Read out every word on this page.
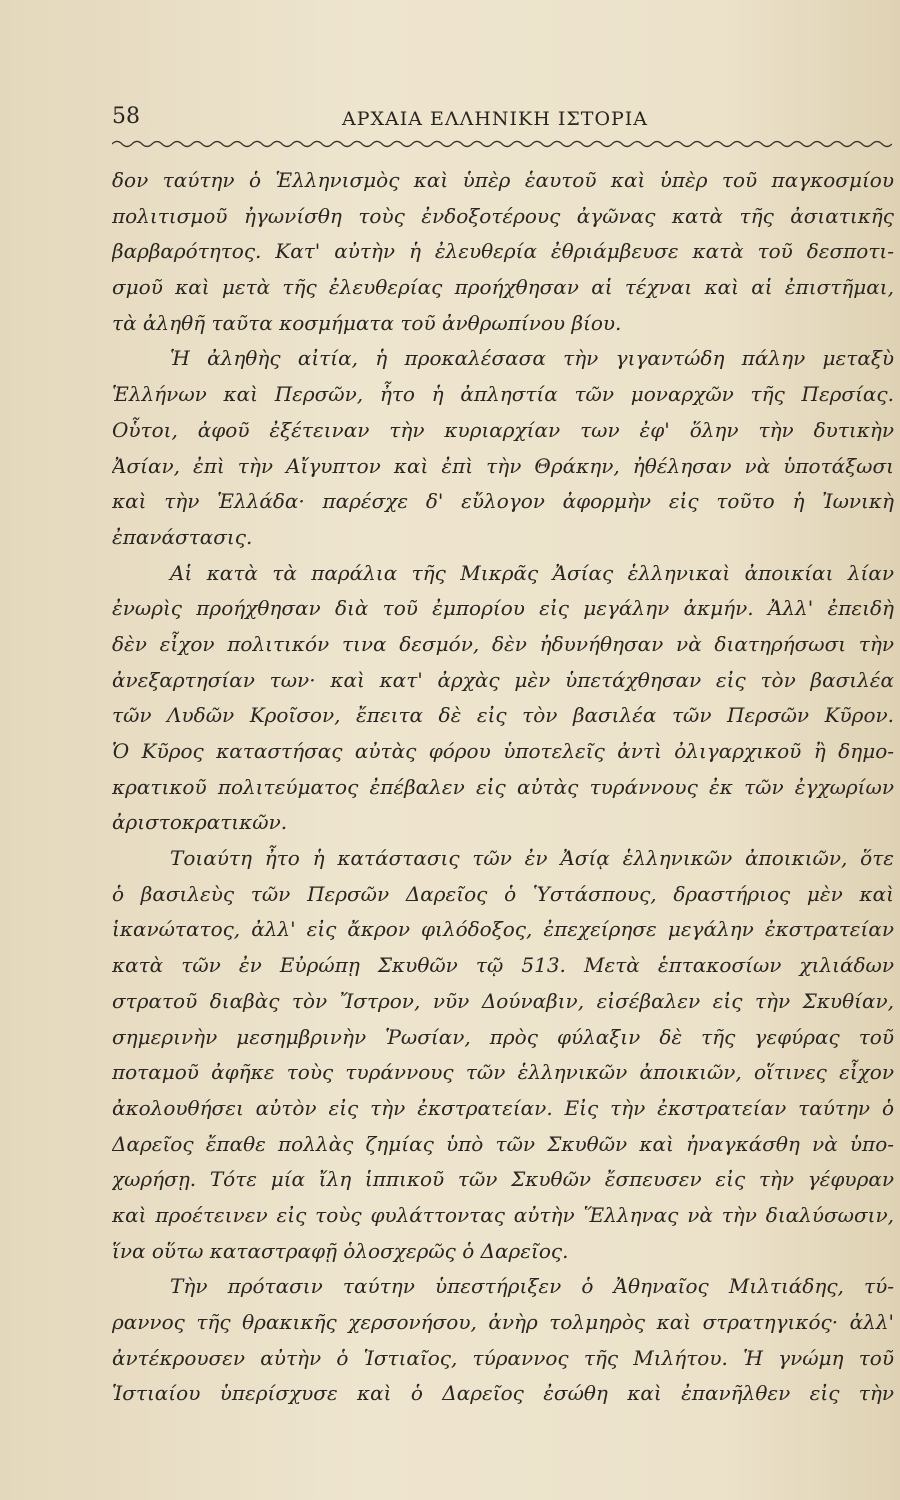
58	ΑΡΧΑΙΑ ΕΛΛΗΝΙΚΗ ΙΣΤΟΡΙΑ
δον ταύτην ὁ Ἑλληνισμὸς καὶ ὑπὲρ ἑαυτοῦ καὶ ὑπὲρ τοῦ παγκοσμίου
πολιτισμοῦ ἠγωνίσθη τοὺς ἐνδοξοτέρους ἀγῶνας κατὰ τῆς ἀσιατικῆς
βαρβαρότητος. Κατ' αὐτὴν ἡ ἐλευθερία ἐθριάμβευσε κατὰ τοῦ δεσποτι-
σμοῦ καὶ μετὰ τῆς ἐλευθερίας προήχθησαν αἱ τέχναι καὶ αἱ ἐπιστῆμαι,
τὰ ἀληθῆ ταῦτα κοσμήματα τοῦ ἀνθρωπίνου βίου.
Ἡ ἀληθὴς αἰτία, ἡ προκαλέσασα τὴν γιγαντώδη πάλην μεταξὺ
Ἑλλήνων καὶ Περσῶν, ἦτο ἡ ἀπληστία τῶν μοναρχῶν τῆς Περσίας.
Οὗτοι, ἀφοῦ ἐξέτειναν τὴν κυριαρχίαν των ἐφ' ὅλην τὴν δυτικὴν
Ἀσίαν, ἐπὶ τὴν Αἴγυπτον καὶ ἐπὶ τὴν Θράκην, ἠθέλησαν νὰ ὑποτάξωσι
καὶ τὴν Ἑλλάδα· παρέσχε δ' εὔλογον ἀφορμὴν εἰς τοῦτο ἡ Ἰωνικὴ
ἐπανάστασις.
Αἱ κατὰ τὰ παράλια τῆς Μικρᾶς Ἀσίας ἑλληνικαὶ ἀποικίαι λίαν
ἐνωρὶς προήχθησαν διὰ τοῦ ἐμπορίου εἰς μεγάλην ἀκμήν. Ἀλλ' ἐπειδὴ
δὲν εἶχον πολιτικόν τινα δεσμόν, δὲν ἠδυνήθησαν νὰ διατηρήσωσι τὴν
ἀνεξαρτησίαν των· καὶ κατ' ἀρχὰς μὲν ὑπετάχθησαν εἰς τὸν βασιλέα
τῶν Λυδῶν Κροῖσον, ἔπειτα δὲ εἰς τὸν βασιλέα τῶν Περσῶν Κῦρον.
Ὁ Κῦρος καταστήσας αὐτὰς φόρου ὑποτελεῖς ἀντὶ ὀλιγαρχικοῦ ἢ δημο-
κρατικοῦ πολιτεύματος ἐπέβαλεν εἰς αὐτὰς τυράννους ἐκ τῶν ἐγχωρίων
ἀριστοκρατικῶν.
Τοιαύτη ἦτο ἡ κατάστασις τῶν ἐν Ἀσίᾳ ἑλληνικῶν ἀποικιῶν, ὅτε
ὁ βασιλεὺς τῶν Περσῶν Δαρεῖος ὁ Ὑστάσπους, δραστήριος μὲν καὶ
ἱκανώτατος, ἀλλ' εἰς ἄκρον φιλόδοξος, ἐπεχείρησε μεγάλην ἐκστρατείαν
κατὰ τῶν ἐν Εὐρώπῃ Σκυθῶν τῷ 513. Μετὰ ἑπτακοσίων χιλιάδων
στρατοῦ διαβὰς τὸν Ἴστρον, νῦν Δούναβιν, εἰσέβαλεν εἰς τὴν Σκυθίαν,
σημερινὴν μεσημβρινὴν Ῥωσίαν, πρὸς φύλαξιν δὲ τῆς γεφύρας τοῦ
ποταμοῦ ἀφῆκε τοὺς τυράννους τῶν ἑλληνικῶν ἀποικιῶν, οἵτινες εἶχον
ἀκολουθήσει αὐτὸν εἰς τὴν ἐκστρατείαν. Εἰς τὴν ἐκστρατείαν ταύτην ὁ
Δαρεῖος ἔπαθε πολλὰς ζημίας ὑπὸ τῶν Σκυθῶν καὶ ἠναγκάσθη νὰ ὑπο-
χωρήσῃ. Τότε μία ἴλη ἱππικοῦ τῶν Σκυθῶν ἔσπευσεν εἰς τὴν γέφυραν
καὶ προέτεινεν εἰς τοὺς φυλάττοντας αὐτὴν Ἕλληνας νὰ τὴν διαλύσωσιν,
ἵνα οὕτω καταστραφῇ ὁλοσχερῶς ὁ Δαρεῖος.
Τὴν πρότασιν ταύτην ὑπεστήριξεν ὁ Ἀθηναῖος Μιλτιάδης, τύ-
ραννος τῆς θρακικῆς χερσονήσου, ἀνὴρ τολμηρὸς καὶ στρατηγικός· ἀλλ'
ἀντέκρουσεν αὐτὴν ὁ Ἱστιαῖος, τύραννος τῆς Μιλήτου. Ἡ γνώμη τοῦ
Ἱστιαίου ὑπερίσχυσε καὶ ὁ Δαρεῖος ἐσώθη καὶ ἐπανῆλθεν εἰς τὴν
